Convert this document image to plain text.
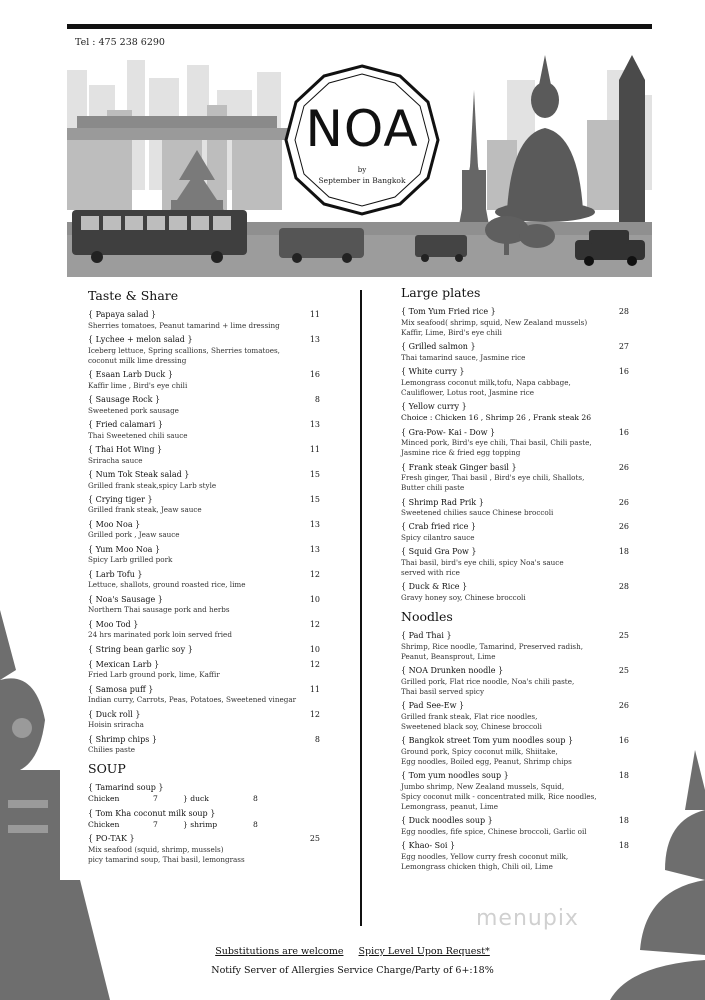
Tel : 475 238 6290
NOA
by
September in Bangkok
Taste & Share
{ Papaya salad }	11
Sherries tomatoes, Peanut tamarind + lime dressing
{ Lychee + melon salad }	13
Iceberg lettuce, Spring scallions, Sherries tomatoes,
coconut milk lime dressing
{ Esaan Larb Duck }	16
Kaffir lime , Bird's eye chili
{ Sausage Rock }	8
Sweetened pork sausage
{ Fried calamari }	13
Thai Sweetened chili sauce
{ Thai Hot Wing }	11
Sriracha sauce
{ Num Tok Steak salad }	15
Grilled frank steak,spicy Larb style
{ Crying tiger }	15
Grilled frank steak, Jeaw sauce
{ Moo Noa }	13
Grilled pork , Jeaw sauce
{ Yum Moo Noa }	13
Spicy Larb grilled pork
{ Larb Tofu }	12
Lettuce, shallots, ground roasted rice, lime
{ Noa's Sausage }	10
Northern Thai sausage pork and herbs
{ Moo Tod }	12
24 hrs marinated pork loin served fried
{ String bean garlic soy }	10
{ Mexican Larb }	12
Fried Larb ground pork, lime, Kaffir
{ Samosa puff }	11
Indian curry, Carrots, Peas, Potatoes, Sweetened vinegar
{ Duck roll }	12
Hoisin sriracha
{ Shrimp chips }	8
Chilies paste
SOUP
{ Tamarind soup }
Chicken	7	} duck	8
{ Tom Kha coconut milk soup }
Chicken	7	} shrimp	8
{ PO-TAK }	25
Mix seafood (squid, shrimp, mussels)
picy tamarind soup, Thai basil, lemongrass
Large plates
{ Tom Yum Fried rice }	28
Mix seafood( shrimp, squid, New Zealand mussels)
Kaffir, Lime, Bird's eye chili
{ Grilled salmon }	27
Thai tamarind sauce, Jasmine rice
{ White curry }	16
Lemongrass coconut milk,tofu, Napa cabbage,
Cauliflower, Lotus root, Jasmine rice
{ Yellow curry }
Choice : Chicken 16 , Shrimp 26 , Frank steak 26
{ Gra-Pow- Kai - Dow }	16
Minced pork, Bird's eye chili, Thai basil, Chili paste,
Jasmine rice & fried egg topping
{ Frank steak Ginger basil }	26
Fresh ginger, Thai basil , Bird's eye chili, Shallots,
Butter chili paste
{ Shrimp Rad Prik }	26
Sweetened chilies sauce Chinese broccoli
{ Crab fried rice }	26
Spicy cilantro sauce
{ Squid Gra Pow }	18
Thai basil, bird's eye chili, spicy Noa's sauce
served with rice
{ Duck & Rice }	28
Gravy honey soy, Chinese broccoli
Noodles
{ Pad Thai }	25
Shrimp, Rice noodle, Tamarind, Preserved radish,
Peanut, Beansprout, Lime
{ NOA Drunken noodle }	25
Grilled pork, Flat rice noodle, Noa's chili paste,
Thai basil served spicy
{ Pad See-Ew }	26
Grilled frank steak, Flat rice noodles,
Sweetened black soy, Chinese broccoli
{ Bangkok street Tom yum noodles soup }	16
Ground pork, Spicy coconut milk, Shiitake,
Egg noodles, Boiled egg, Peanut, Shrimp chips
{ Tom yum noodles soup }	18
Jumbo shrimp, New Zealand mussels, Squid,
Spicy coconut milk - concentrated milk, Rice noodles,
Lemongrass, peanut, Lime
{ Duck noodles soup }	18
Egg noodles, fife spice, Chinese broccoli, Garlic oil
{ Khao- Soi }	18
Egg noodles, Yellow curry fresh coconut milk,
Lemongrass chicken thigh, Chili oil, Lime
menupix
Substitutions are welcome Spicy Level Upon Request*
Notify Server of Allergies Service Charge/Party of 6+:18%
